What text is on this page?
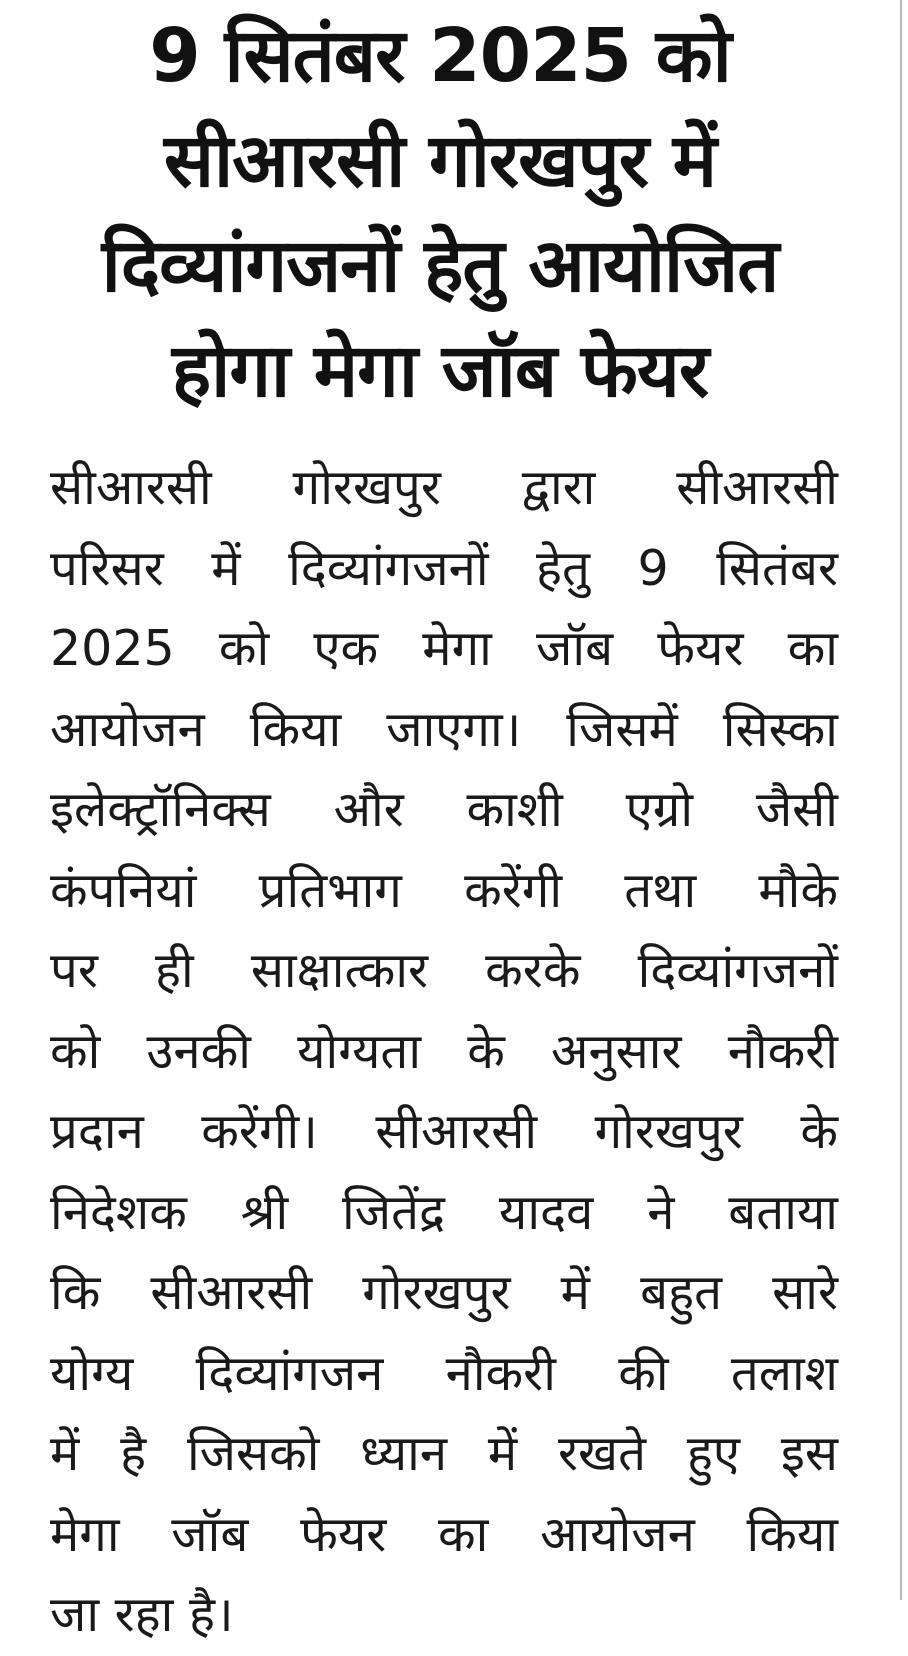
9 सितंबर 2025 को
सीआरसी गोरखपुर में
दिव्यांगजनों हेतु आयोजित
होगा मेगा जॉब फेयर
सीआरसी गोरखपुर द्वारा सीआरसी
परिसर में दिव्यांगजनों हेतु 9 सितंबर
2025 को एक मेगा जॉब फेयर का
आयोजन किया जाएगा। जिसमें सिस्का
इलेक्ट्रॉनिक्स और काशी एग्रो जैसी
कंपनियां प्रतिभाग करेंगी तथा मौके
पर ही साक्षात्कार करके दिव्यांगजनों
को उनकी योग्यता के अनुसार नौकरी
प्रदान करेंगी। सीआरसी गोरखपुर के
निदेशक श्री जितेंद्र यादव ने बताया
कि सीआरसी गोरखपुर में बहुत सारे
योग्य दिव्यांगजन नौकरी की तलाश
में है जिसको ध्यान में रखते हुए इस
मेगा जॉब फेयर का आयोजन किया
जा रहा है।
